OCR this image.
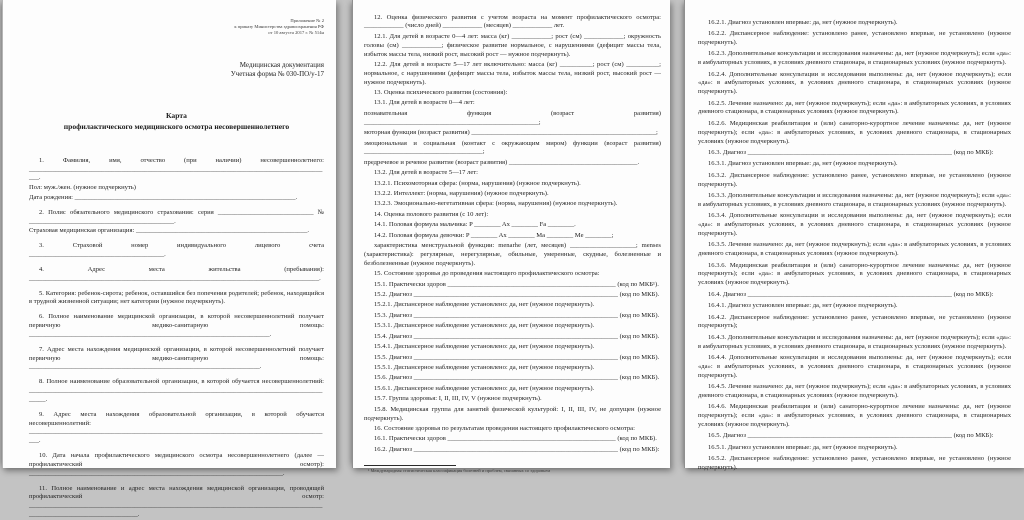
Приложение № 2

к приказу Министерства здравоохранения РФ

от 10 августа 2017 г. № 514н

Медицинская документация

Учетная форма № 030-ПО/у-17

Карта

профилактического медицинского осмотра несовершеннолетнего

1. Фамилия, имя, отчество (при наличии) несовершеннолетнего: ____________________________________________________________________________________________.

Пол: муж./жен. (нужное подчеркнуть)

Дата рождения: ___________________________________________________________________.

2. Полис обязательного медицинского страхования: серия _____________________________ № ____________________________________________.

Страховая медицинская организация: ____________________________________________________.

3. Страховой номер индивидуального лицевого счета _________________________________________.

4. Адрес места жительства (пребывания): ________________________________________________________________________________________.

5. Категория: ребенок-сирота; ребенок, оставшийся без попечения родителей; ребенок, находящийся в трудной жизненной ситуации; нет категории (нужное подчеркнуть).

6. Полное наименование медицинской организации, в которой несовершеннолетний получает первичную медико-санитарную помощь: _________________________________________________________________________.

7. Адрес места нахождения медицинской организации, в которой несовершеннолетний получает первичную медико-санитарную помощь: ______________________________________________________________________.

8. Полное наименование образовательной организации, в которой обучается несовершеннолетний: ______________________________________________________________________________________________.

9. Адрес места нахождения образовательной организации, в которой обучается несовершеннолетний: ____________________________________________________________________________________________.

10. Дата начала профилактического медицинского осмотра несовершеннолетнего (далее — профилактический осмотр): _____________________________________________________________________________.

11. Полное наименование и адрес места нахождения медицинской организации, проводящей профилактический осмотр: __________________________________________________________________________________________________________________________.

12. Оценка физического развития с учетом возраста на момент профилактического осмотра: ____________ (число дней) ____________ (месяцев) ____________ лет.

12.1. Для детей в возрасте 0—4 лет: масса (кг) ____________; рост (см) ____________; окружность головы (см) ____________; физическое развитие нормальное, с нарушениями (дефицит массы тела, избыток массы тела, низкий рост, высокий рост — нужное подчеркнуть).

12.2. Для детей в возрасте 5—17 лет включительно: масса (кг) __________; рост (см) __________; нормальное, с нарушениями (дефицит массы тела, избыток массы тела, низкий рост, высокий рост — нужное подчеркнуть).

13. Оценка психического развития (состояния):

13.1. Для детей в возрасте 0—4 лет:

познавательная функция (возраст развития) _____________________________________________________;

моторная функция (возраст развития) ________________________________________________________;

эмоциональная и социальная (контакт с окружающим миром) функции (возраст развития) ____________________________________;

предречевое и речевое развитие (возраст развития) _______________________________________.

13.2. Для детей в возрасте 5—17 лет:

13.2.1. Психомоторная сфера: (норма, нарушения) (нужное подчеркнуть).

13.2.2. Интеллект: (норма, нарушения) (нужное подчеркнуть).

13.2.3. Эмоционально-вегетативная сфера: (норма, нарушения) (нужное подчеркнуть).

14. Оценка полового развития (с 10 лет):

14.1. Половая формула мальчика: P ________ Ax ________ Fa ________.

14.2. Половая формула девочки: P ________ Ax ________ Ma ________ Me ________;

характеристика менструальной функции: menarhe (лет, месяцев) ____________________; menses (характеристика): регулярные, нерегулярные, обильные, умеренные, скудные, болезненные и безболезненные (нужное подчеркнуть).

15. Состояние здоровья до проведения настоящего профилактического осмотра:

15.1. Практически здоров ___________________________________________________ (код по МКБ¹).

15.2. Диагноз ______________________________________________________________ (код по МКБ).

15.2.1. Диспансерное наблюдение установлено: да, нет (нужное подчеркнуть).

15.3. Диагноз ______________________________________________________________ (код по МКБ).

15.3.1. Диспансерное наблюдение установлено: да, нет (нужное подчеркнуть).

15.4. Диагноз ______________________________________________________________ (код по МКБ).

15.4.1. Диспансерное наблюдение установлено: да, нет (нужное подчеркнуть).

15.5. Диагноз ______________________________________________________________ (код по МКБ).

15.5.1. Диспансерное наблюдение установлено: да, нет (нужное подчеркнуть).

15.6. Диагноз ______________________________________________________________ (код по МКБ).

15.6.1. Диспансерное наблюдение установлено: да, нет (нужное подчеркнуть).

15.7. Группа здоровья: I, II, III, IV, V (нужное подчеркнуть).

15.8. Медицинская группа для занятий физической культурой: I, II, III, IV, не допущен (нужное подчеркнуть).

16. Состояние здоровья по результатам проведения настоящего профилактического осмотра:

16.1. Практически здоров ___________________________________________________ (код по МКБ).

16.2. Диагноз ______________________________________________________________ (код по МКБ):

¹ Международная статистическая классификация болезней и проблем, связанных со здоровьем

16.2.1. Диагноз установлен впервые: да, нет (нужное подчеркнуть).

16.2.2. Диспансерное наблюдение: установлено ранее, установлено впервые, не установлено (нужное подчеркнуть).

16.2.3. Дополнительные консультации и исследования назначены: да, нет (нужное подчеркнуть); если «да»: в амбулаторных условиях, в условиях дневного стационара, в стационарных условиях (нужное подчеркнуть).

16.2.4. Дополнительные консультации и исследования выполнены: да, нет (нужное подчеркнуть); если «да»: в амбулаторных условиях, в условиях дневного стационара, в стационарных условиях (нужное подчеркнуть).

16.2.5. Лечение назначено: да, нет (нужное подчеркнуть); если «да»: в амбулаторных условиях, в условиях дневного стационара, в стационарных условиях (нужное подчеркнуть).

16.2.6. Медицинская реабилитация и (или) санаторно-курортное лечение назначены: да, нет (нужное подчеркнуть); если «да»: в амбулаторных условиях, в условиях дневного стационара, в стационарных условиях (нужное подчеркнуть).

16.3. Диагноз ______________________________________________________________ (код по МКБ):

16.3.1. Диагноз установлен впервые: да, нет (нужное подчеркнуть).

16.3.2. Диспансерное наблюдение: установлено ранее, установлено впервые, не установлено (нужное подчеркнуть).

16.3.3. Дополнительные консультации и исследования назначены: да, нет (нужное подчеркнуть); если «да»: в амбулаторных условиях, в условиях дневного стационара, в стационарных условиях (нужное подчеркнуть).

16.3.4. Дополнительные консультации и исследования выполнены: да, нет (нужное подчеркнуть); если «да»: в амбулаторных условиях, в условиях дневного стационара, в стационарных условиях (нужное подчеркнуть).

16.3.5. Лечение назначено: да, нет (нужное подчеркнуть); если «да»: в амбулаторных условиях, в условиях дневного стационара, в стационарных условиях (нужное подчеркнуть).

16.3.6. Медицинская реабилитация и (или) санаторно-курортное лечение назначены: да, нет (нужное подчеркнуть); если «да»: в амбулаторных условиях, в условиях дневного стационара, в стационарных условиях (нужное подчеркнуть).

16.4. Диагноз ______________________________________________________________ (код по МКБ):

16.4.1. Диагноз установлен впервые: да, нет (нужное подчеркнуть).

16.4.2. Диспансерное наблюдение: установлено ранее, установлено впервые, не установлено (нужное подчеркнуть);

16.4.3. Дополнительные консультации и исследования назначены: да, нет (нужное подчеркнуть); если «да»: в амбулаторных условиях, в условиях дневного стационара, в стационарных условиях (нужное подчеркнуть).

16.4.4. Дополнительные консультации и исследования выполнены: да, нет (нужное подчеркнуть); если «да»: в амбулаторных условиях, в условиях дневного стационара, в стационарных условиях (нужное подчеркнуть).

16.4.5. Лечение назначено: да, нет (нужное подчеркнуть); если «да»: в амбулаторных условиях, в условиях дневного стационара, в стационарных условиях (нужное подчеркнуть).

16.4.6. Медицинская реабилитация и (или) санаторно-курортное лечение назначены: да, нет (нужное подчеркнуть); если «да»: в амбулаторных условиях, в условиях дневного стационара, в стационарных условиях (нужное подчеркнуть).

16.5. Диагноз ______________________________________________________________ (код по МКБ):

16.5.1. Диагноз установлен впервые: да, нет (нужное подчеркнуть).

16.5.2. Диспансерное наблюдение: установлено ранее, установлено впервые, не установлено (нужное подчеркнуть).
